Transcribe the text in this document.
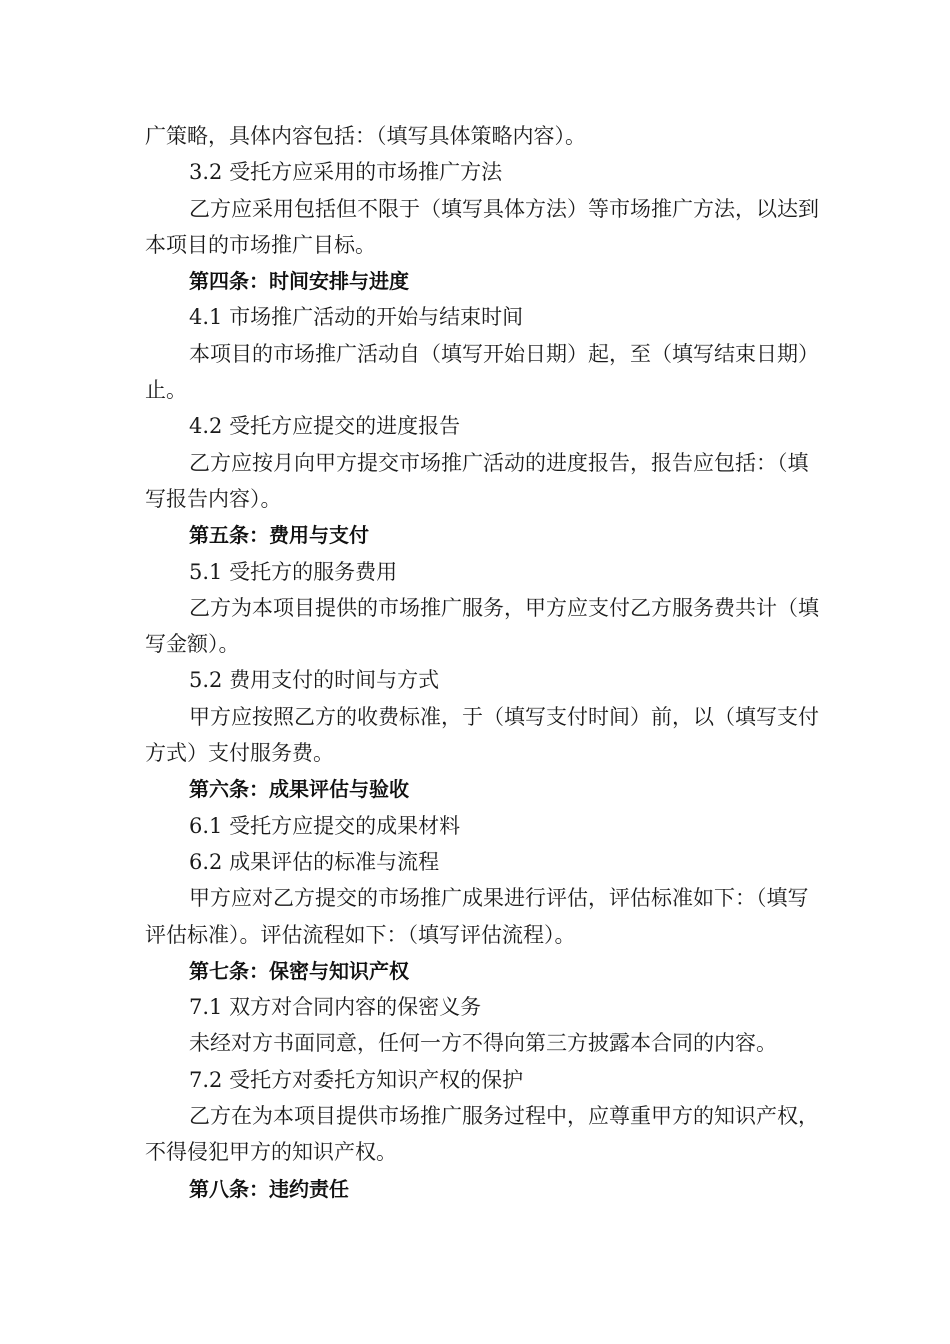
广策略，具体内容包括：（填写具体策略内容）。

3.2 受托方应采用的市场推广方法

乙方应采用包括但不限于（填写具体方法）等市场推广方法，以达到本项目的市场推广目标。

第四条：时间安排与进度

4.1 市场推广活动的开始与结束时间

本项目的市场推广活动自（填写开始日期）起，至（填写结束日期）止。

4.2 受托方应提交的进度报告

乙方应按月向甲方提交市场推广活动的进度报告，报告应包括：（填写报告内容）。

第五条：费用与支付

5.1 受托方的服务费用

乙方为本项目提供的市场推广服务，甲方应支付乙方服务费共计（填写金额）。

5.2 费用支付的时间与方式

甲方应按照乙方的收费标准，于（填写支付时间）前，以（填写支付方式）支付服务费。

第六条：成果评估与验收

6.1 受托方应提交的成果材料

6.2 成果评估的标准与流程

甲方应对乙方提交的市场推广成果进行评估，评估标准如下：（填写评估标准）。评估流程如下：（填写评估流程）。

第七条：保密与知识产权

7.1 双方对合同内容的保密义务

未经对方书面同意，任何一方不得向第三方披露本合同的内容。

7.2 受托方对委托方知识产权的保护

乙方在为本项目提供市场推广服务过程中，应尊重甲方的知识产权，不得侵犯甲方的知识产权。

第八条：违约责任
